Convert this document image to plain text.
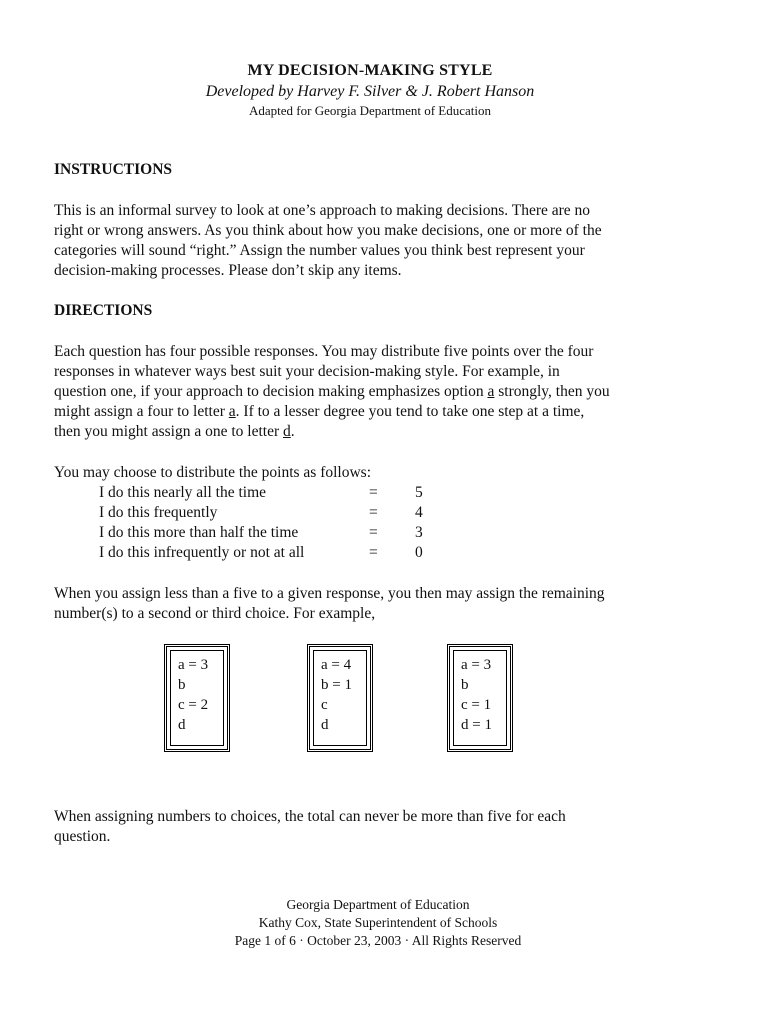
MY DECISION-MAKING STYLE
Developed by Harvey F. Silver & J. Robert Hanson
Adapted for Georgia Department of Education
INSTRUCTIONS
This is an informal survey to look at one’s approach to making decisions. There are no
right or wrong answers. As you think about how you make decisions, one or more of the
categories will sound “right.” Assign the number values you think best represent your
decision-making processes. Please don’t skip any items.
DIRECTIONS
Each question has four possible responses. You may distribute five points over the four
responses in whatever ways best suit your decision-making style. For example, in
question one, if your approach to decision making emphasizes option a strongly, then you
might assign a four to letter a. If to a lesser degree you tend to take one step at a time,
then you might assign a one to letter d.
You may choose to distribute the points as follows:
I do this nearly all the time	= 5
I do this frequently	= 4
I do this more than half the time	= 3
I do this infrequently or not at all	= 0
When you assign less than a five to a given response, you then may assign the remaining
number(s) to a second or third choice. For example,
a = 3
b
c = 2
d
a = 4
b = 1
c
d
a = 3
b
c = 1
d = 1
When assigning numbers to choices, the total can never be more than five for each
question.
Georgia Department of Education
Kathy Cox, State Superintendent of Schools
Page 1 of 6 · October 23, 2003 · All Rights Reserved
